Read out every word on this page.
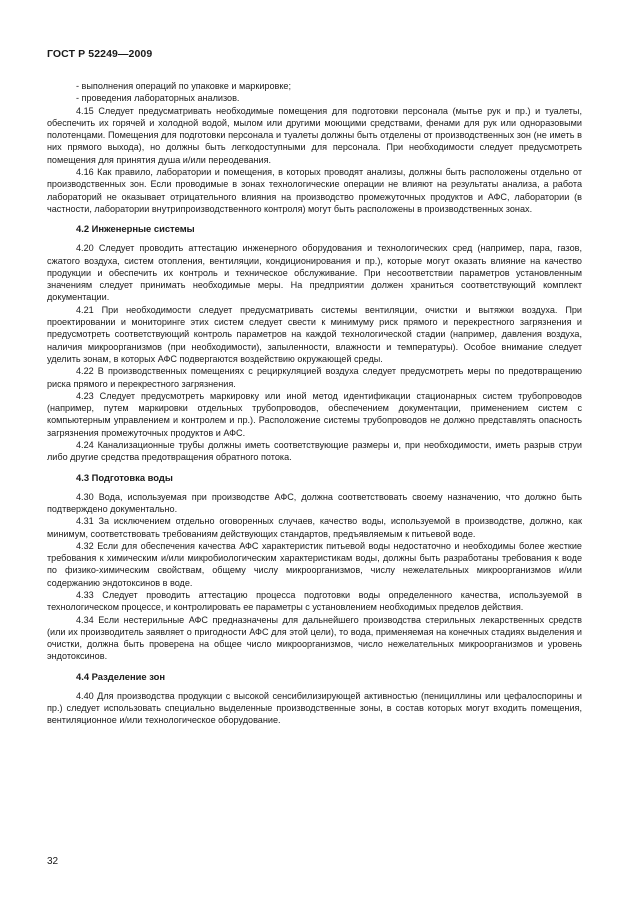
ГОСТ Р 52249—2009

- выполнения операций по упаковке и маркировке;

- проведения лабораторных анализов.

4.15 Следует предусматривать необходимые помещения для подготовки персонала (мытье рук и пр.) и туалеты, обеспечить их горячей и холодной водой, мылом или другими моющими средствами, фенами для рук или одноразовыми полотенцами. Помещения для подготовки персонала и туалеты должны быть отделены от производственных зон (не иметь в них прямого выхода), но должны быть легкодоступными для персонала. При необходимости следует предусмотреть помещения для принятия душа и/или переодевания.

4.16 Как правило, лаборатории и помещения, в которых проводят анализы, должны быть расположены отдельно от производственных зон. Если проводимые в зонах технологические операции не влияют на результаты анализа, а работа лабораторий не оказывает отрицательного влияния на производство промежуточных продуктов и АФС, лаборатории (в частности, лаборатории внутрипроизводственного контроля) могут быть расположены в производственных зонах.

4.2 Инженерные системы

4.20 Следует проводить аттестацию инженерного оборудования и технологических сред (например, пара, газов, сжатого воздуха, систем отопления, вентиляции, кондиционирования и пр.), которые могут оказать влияние на качество продукции и обеспечить их контроль и техническое обслуживание. При несоответствии параметров установленным значениям следует принимать необходимые меры. На предприятии должен храниться соответствующий комплект документации.

4.21 При необходимости следует предусматривать системы вентиляции, очистки и вытяжки воздуха. При проектировании и мониторинге этих систем следует свести к минимуму риск прямого и перекрестного загрязнения и предусмотреть соответствующий контроль параметров на каждой технологической стадии (например, давления воздуха, наличия микроорганизмов (при необходимости), запыленности, влажности и температуры). Особое внимание следует уделить зонам, в которых АФС подвергаются воздействию окружающей среды.

4.22 В производственных помещениях с рециркуляцией воздуха следует предусмотреть меры по предотвращению риска прямого и перекрестного загрязнения.

4.23 Следует предусмотреть маркировку или иной метод идентификации стационарных систем трубопроводов (например, путем маркировки отдельных трубопроводов, обеспечением документации, применением систем с компьютерным управлением и контролем и пр.). Расположение системы трубопроводов не должно представлять опасность загрязнения промежуточных продуктов и АФС.

4.24 Канализационные трубы должны иметь соответствующие размеры и, при необходимости, иметь разрыв струи либо другие средства предотвращения обратного потока.

4.3 Подготовка воды

4.30 Вода, используемая при производстве АФС, должна соответствовать своему назначению, что должно быть подтверждено документально.

4.31 За исключением отдельно оговоренных случаев, качество воды, используемой в производстве, должно, как минимум, соответствовать требованиям действующих стандартов, предъявляемым к питьевой воде.

4.32 Если для обеспечения качества АФС характеристик питьевой воды недостаточно и необходимы более жесткие требования к химическим и/или микробиологическим характеристикам воды, должны быть разработаны требования к воде по физико-химическим свойствам, общему числу микроорганизмов, числу нежелательных микроорганизмов и/или содержанию эндотоксинов в воде.

4.33 Следует проводить аттестацию процесса подготовки воды определенного качества, используемой в технологическом процессе, и контролировать ее параметры с установлением необходимых пределов действия.

4.34 Если нестерильные АФС предназначены для дальнейшего производства стерильных лекарственных средств (или их производитель заявляет о пригодности АФС для этой цели), то вода, применяемая на конечных стадиях выделения и очистки, должна быть проверена на общее число микроорганизмов, число нежелательных микроорганизмов и уровень эндотоксинов.

4.4 Разделение зон

4.40 Для производства продукции с высокой сенсибилизирующей активностью (пенициллины или цефалоспорины и пр.) следует использовать специально выделенные производственные зоны, в состав которых могут входить помещения, вентиляционное и/или технологическое оборудование.

32
